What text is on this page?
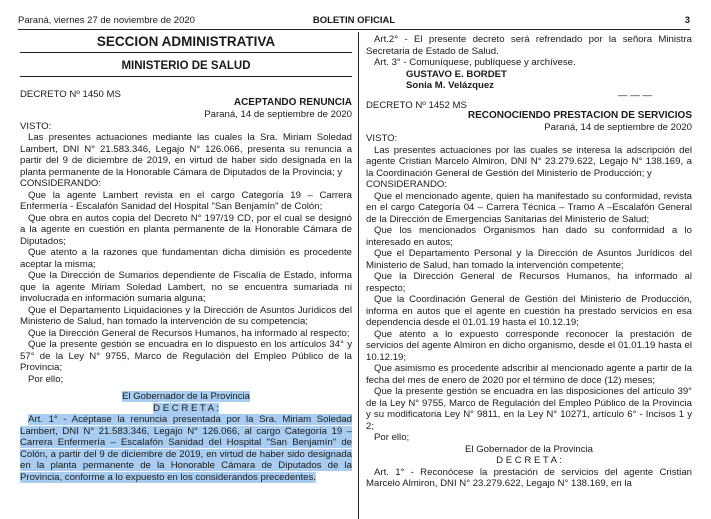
Paraná, viernes 27 de noviembre de 2020	BOLETIN OFICIAL	3

SECCION ADMINISTRATIVA

MINISTERIO DE SALUD

DECRETO Nº 1450 MS
ACEPTANDO RENUNCIA

Paraná, 14 de septiembre de 2020

VISTO:

Las presentes actuaciones mediante las cuales la Sra. Miriam Soledad Lambert, DNI N° 21.583.346, Legajo N° 126.066, presenta su renuncia a partir del 9 de diciembre de 2019, en virtud de haber sido designada en la planta permanente de la Honorable Cámara de Diputados de la Provincia; y

CONSIDERANDO:

Que la agente Lambert revista en el cargo Categoría 19 – Carrera Enfermería - Escalafón Sanidad del Hospital "San Benjamín" de Colón;

Que obra en autos copia del Decreto N° 197/19 CD, por el cual se designó a la agente en cuestión en planta permanente de la Honorable Cámara de Diputados;

Que atento a la razones que fundamentan dicha dimisión es procedente aceptar la misma;

Que la Dirección de Sumarios dependiente de Fiscalía de Estado, informa que la agente Miriam Soledad Lambert, no se encuentra sumariada ni involucrada en información sumaria alguna;

Que el Departamento Liquidaciones y la Dirección de Asuntos Jurídicos del Ministerio de Salud, han tomado la intervención de su competencia;

Que la Dirección General de Recursos Humanos, ha informado al respecto;

Que la presente gestión se encuadra en lo dispuesto en los artículos 34° y 57° de la Ley N° 9755, Marco de Regulación del Empleo Público de la Provincia;

Por ello;

El Gobernador de la Provincia

D E C R E T A :

Art. 1° - Acéptase la renuncia presentada por la Sra. Miriam Soledad Lambert, DNI N° 21.583.346, Legajo N° 126.066, al cargo Categoría 19 – Carrera Enfermería – Escalafón Sanidad del Hospital "San Benjamín" de Colón, a partir del 9 de diciembre de 2019, en virtud de haber sido designada en la planta permanente de la Honorable Cámara de Diputados de la Provincia, conforme a lo expuesto en los considerandos precedentes.

Art.2° - El presente decreto será refrendado por la señora Ministra Secretaria de Estado de Salud.

Art. 3° - Comuníquese, publíquese y archívese.

GUSTAVO E. BORDET

Sonia M. Velázquez

— — —

DECRETO Nº 1452 MS
RECONOCIENDO PRESTACION DE SERVICIOS

Paraná, 14 de septiembre de 2020

VISTO:

Las presentes actuaciones por las cuales se interesa la adscripción del agente Cristian Marcelo Almiron, DNI N° 23.279.622, Legajo N° 138.169, a la Coordinación General de Gestión del Ministerio de Producción; y

CONSIDERANDO:

Que el mencionado agente, quien ha manifestado su conformidad, revista en el cargo Categoría 04 – Carrera Técnica – Tramo A –Escalafón General de la Dirección de Emergencias Sanitarias del Ministerio de Salud;

Que los mencionados Organismos han dado su conformidad a lo interesado en autos;

Que el Departamento Personal y la Dirección de Asuntos Jurídicos del Ministerio de Salud, han tomado la intervención competente;

Que la Dirección General de Recursos Humanos, ha informado al respecto;

Que la Coordinación General de Gestión del Ministerio de Producción, informa en autos que el agente en cuestión ha prestado servicios en esa dependencia desde el 01.01.19 hasta el 10.12.19;

Que atento a lo expuesto corresponde reconocer la prestación de servicios del agente Almiron en dicho organismo, desde el 01.01.19 hasta el 10.12.19;

Que asimismo es procedente adscribir al mencionado agente a partir de la fecha del mes de enero de 2020 por el término de doce (12) meses;

Que la presente gestión se encuadra en las disposiciones del artículo 39° de la Ley N° 9755, Marco de Regulación del Empleo Público de la Provincia y su modificatoria Ley N° 9811, en la Ley N° 10271, artículo 6° - Incisos 1 y 2;

Por ello;

El Gobernador de la Provincia

D E C R E T A :

Art. 1° - Reconócese la prestación de servicios del agente Cristian Marcelo Almiron, DNI N° 23.279.622, Legajo N° 138.169, en la
